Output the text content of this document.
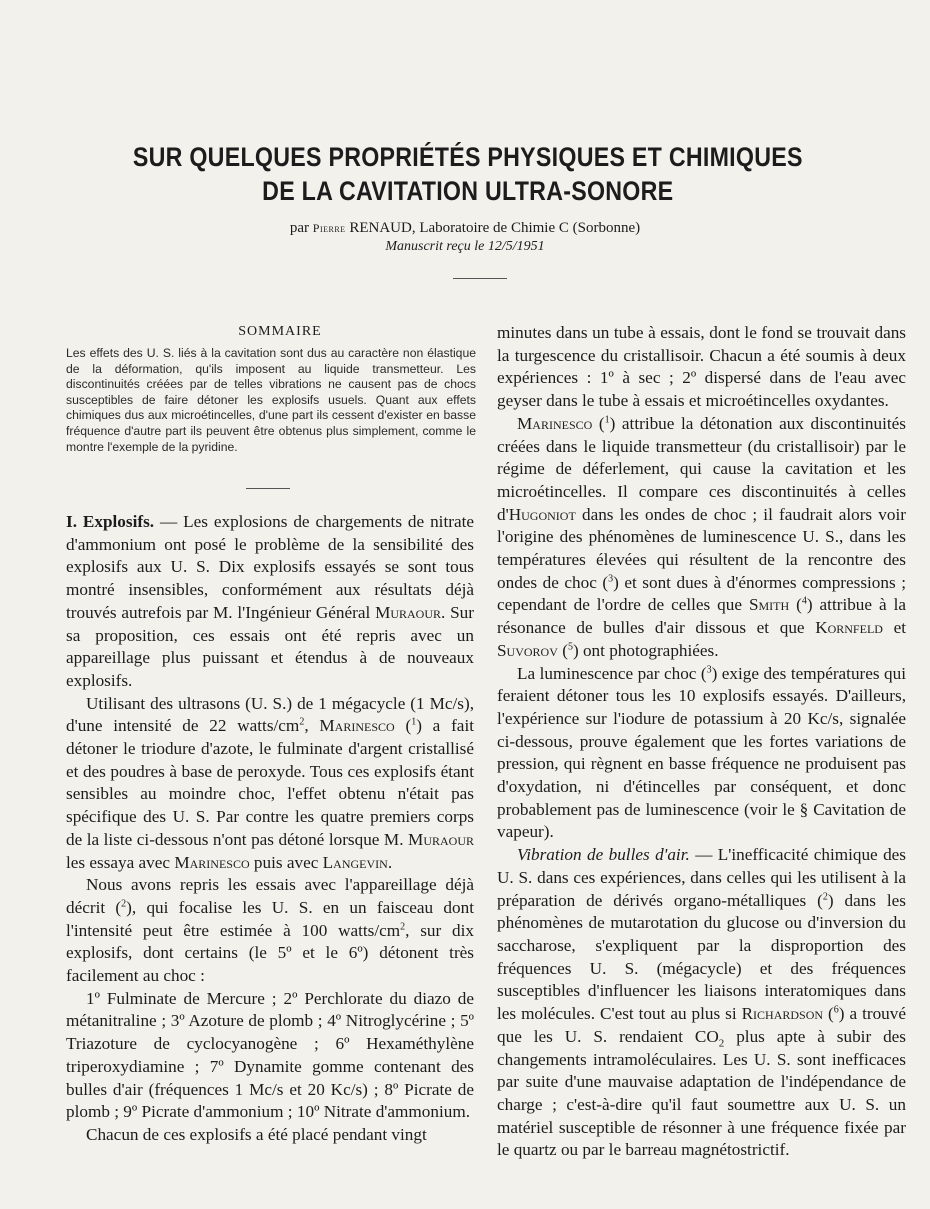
SUR QUELQUES PROPRIÉTÉS PHYSIQUES ET CHIMIQUES
DE LA CAVITATION ULTRA-SONORE
par Pierre RENAUD, Laboratoire de Chimie C (Sorbonne)
Manuscrit reçu le 12/5/1951
SOMMAIRE
Les effets des U. S. liés à la cavitation sont dus au caractère non élastique de la déformation, qu'ils imposent au liquide transmetteur. Les discontinuités créées par de telles vibrations ne causent pas de chocs susceptibles de faire détoner les explosifs usuels. Quant aux effets chimiques dus aux microétincelles, d'une part ils cessent d'exister en basse fréquence d'autre part ils peuvent être obtenus plus simplement, comme le montre l'exemple de la pyridine.

I. Explosifs. — Les explosions de chargements de nitrate d'ammonium ont posé le problème de la sensibilité des explosifs aux U. S. Dix explosifs essayés se sont tous montré insensibles, conformément aux résultats déjà trouvés autrefois par M. l'Ingénieur Général Muraour. Sur sa proposition, ces essais ont été repris avec un appareillage plus puissant et étendus à de nouveaux explosifs.

Utilisant des ultrasons (U. S.) de 1 mégacycle (1 Mc/s), d'une intensité de 22 watts/$cm^2$, Marinesco ($^1$) a fait détoner le triodure d'azote, le fulminate d'argent cristallisé et des poudres à base de peroxyde. Tous ces explosifs étant sensibles au moindre choc, l'effet obtenu n'était pas spécifique des U. S. Par contre les quatre premiers corps de la liste ci-dessous n'ont pas détoné lorsque M. Muraour les essaya avec Marinesco puis avec Langevin.

Nous avons repris les essais avec l'appareillage déjà décrit ($^2$), qui focalise les U. S. en un faisceau dont l'intensité peut être estimée à 100 watts/$cm^2$, sur dix explosifs, dont certains (le 5º et le 6º) détonent très facilement au choc :

1º Fulminate de Mercure ; 2º Perchlorate du diazo de métanitraline ; 3º Azoture de plomb ; 4º Nitroglycérine ; 5º Triazoture de cyclocyanogène ; 6º Hexaméthylène triperoxydiamine ; 7º Dynamite gomme contenant des bulles d'air (fréquences 1 Mc/s et 20 Kc/s) ; 8º Picrate de plomb ; 9º Picrate d'ammonium ; 10º Nitrate d'ammonium.

Chacun de ces explosifs a été placé pendant vingt

minutes dans un tube à essais, dont le fond se trouvait dans la turgescence du cristallisoir. Chacun a été soumis à deux expériences : 1º à sec ; 2º dispersé dans de l'eau avec geyser dans le tube à essais et microétincelles oxydantes.

Marinesco ($^1$) attribue la détonation aux discontinuités créées dans le liquide transmetteur (du cristallisoir) par le régime de déferlement, qui cause la cavitation et les microétincelles. Il compare ces discontinuités à celles d'Hugoniot dans les ondes de choc ; il faudrait alors voir l'origine des phénomènes de luminescence U. S., dans les températures élevées qui résultent de la rencontre des ondes de choc ($^3$) et sont dues à d'énormes compressions ; cependant de l'ordre de celles que Smith ($^4$) attribue à la résonance de bulles d'air dissous et que Kornfeld et Suvorov ($^5$) ont photographiées.

La luminescence par choc ($^3$) exige des températures qui feraient détoner tous les 10 explosifs essayés. D'ailleurs, l'expérience sur l'iodure de potassium à 20 Kc/s, signalée ci-dessous, prouve également que les fortes variations de pression, qui règnent en basse fréquence ne produisent pas d'oxydation, ni d'étincelles par conséquent, et donc probablement pas de luminescence (voir le § Cavitation de vapeur).

Vibration de bulles d'air. — L'inefficacité chimique des U. S. dans ces expériences, dans celles qui les utilisent à la préparation de dérivés organo-métalliques ($^2$) dans les phénomènes de mutarotation du glucose ou d'inversion du saccharose, s'expliquent par la disproportion des fréquences U. S. (mégacycle) et des fréquences susceptibles d'influencer les liaisons interatomiques dans les molécules. C'est tout au plus si Richardson ($^6$) a trouvé que les U. S. rendaient $CO_2$ plus apte à subir des changements intramoléculaires. Les U. S. sont inefficaces par suite d'une mauvaise adaptation de l'indépendance de charge ; c'est-à-dire qu'il faut soumettre aux U. S. un matériel susceptible de résonner à une fréquence fixée par le quartz ou par le barreau magnétostrictif.
